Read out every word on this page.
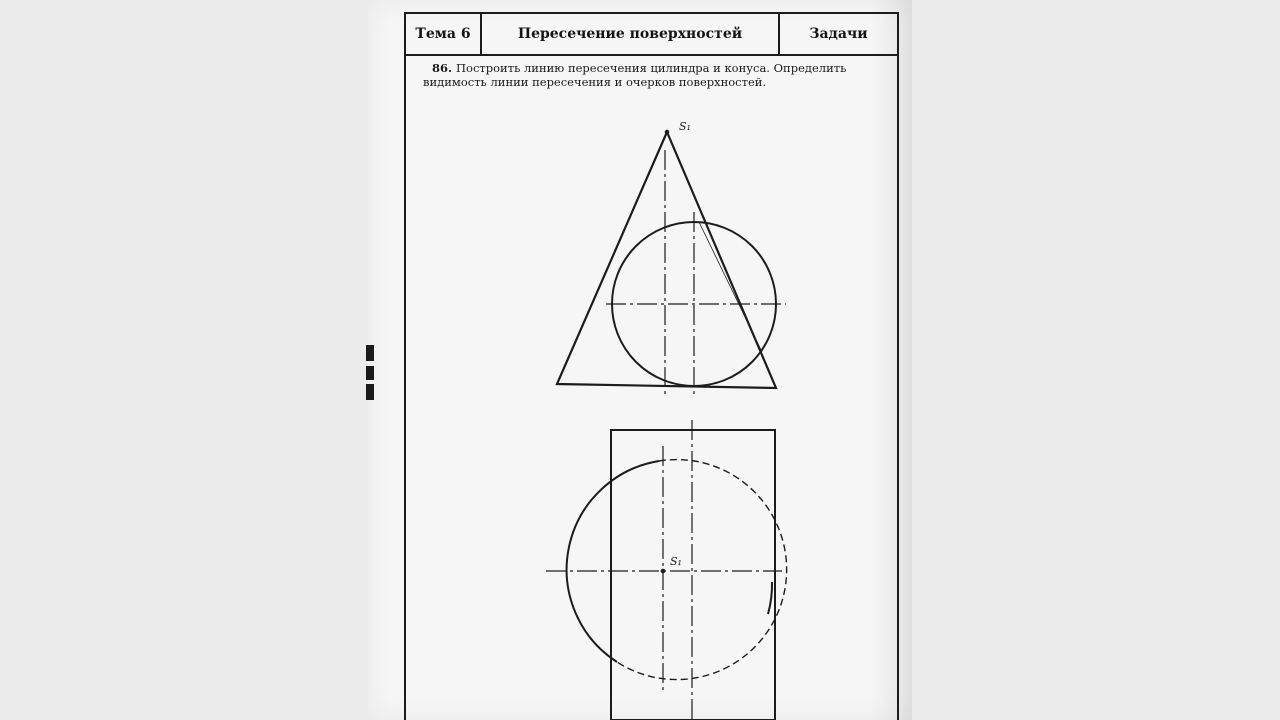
Тема 6	Пересечение поверхностей	Задачи
86. Построить линию пересечения цилиндра и конуса. Определить
видимость линии пересечения и очерков поверхностей.
S₁
S₁
